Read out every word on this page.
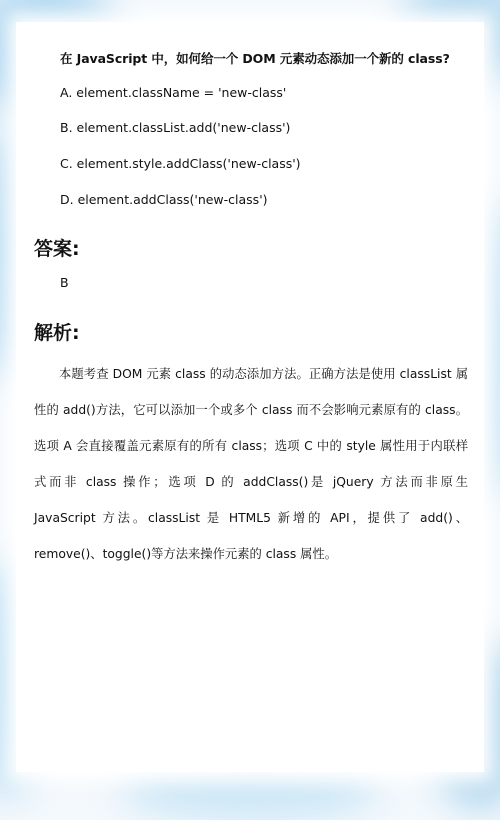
在 JavaScript 中，如何给一个 DOM 元素动态添加一个新的 class?
A. element.className = 'new-class'
B. element.classList.add('new-class')
C. element.style.addClass('new-class')
D. element.addClass('new-class')
答案:
B
解析:

本题考查 DOM 元素 class 的动态添加方法。正确方法是使用 classList 属性的 add()方法，它可以添加一个或多个 class 而不会影响元素原有的 class。选项 A 会直接覆盖元素原有的所有 class；选项 C 中的 style 属性用于内联样式而非 class 操作；选项 D 的 addClass()是 jQuery 方法而非原生 JavaScript 方法。classList 是 HTML5 新增的 API，提供了 add()、remove()、toggle()等方法来操作元素的 class 属性。
